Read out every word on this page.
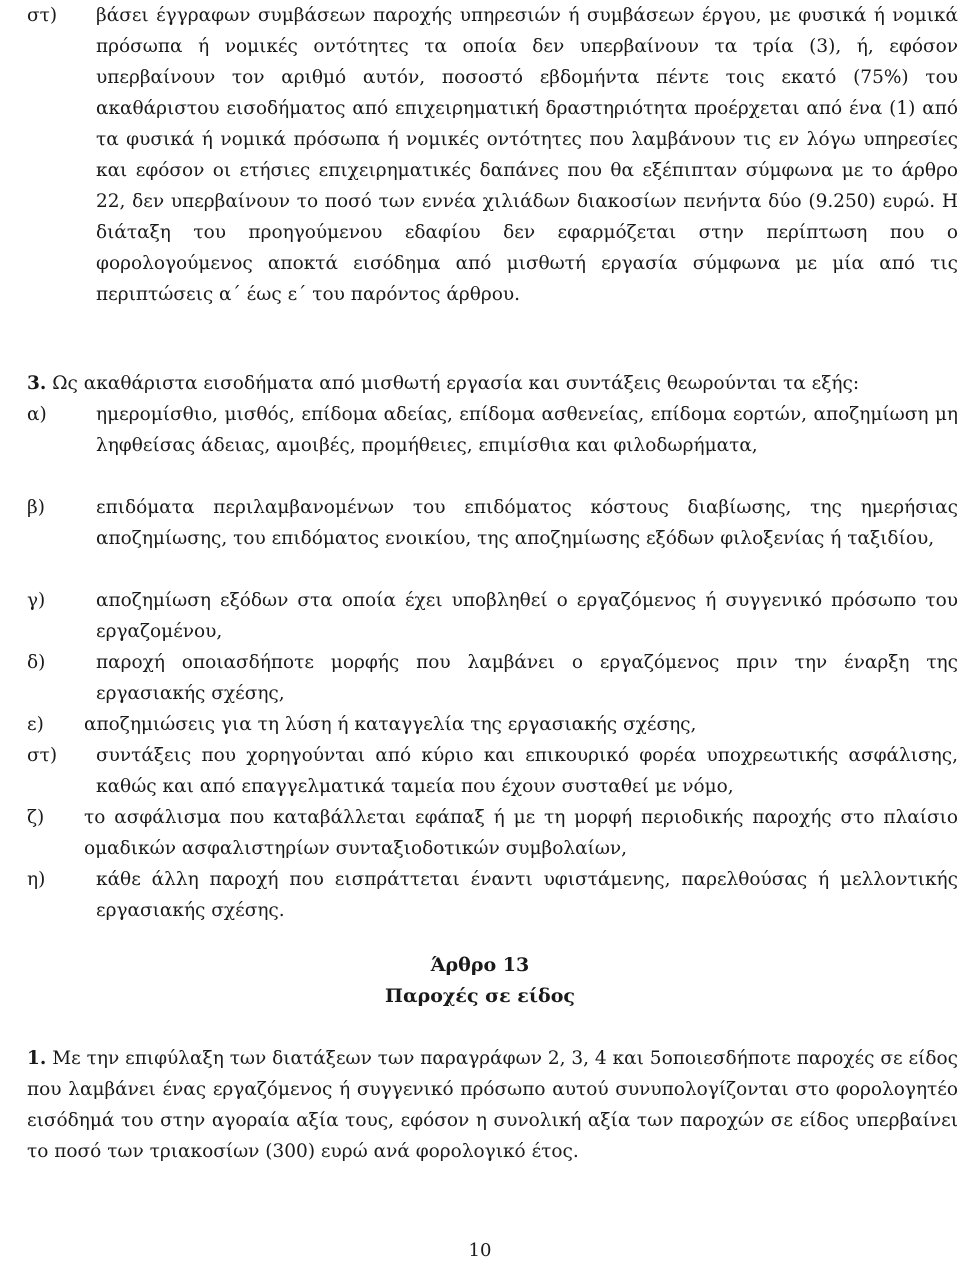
στ) βάσει έγγραφων συμβάσεων παροχής υπηρεσιών ή συμβάσεων έργου, με φυσικά ή νομικά πρόσωπα ή νομικές οντότητες τα οποία δεν υπερβαίνουν τα τρία (3), ή, εφόσον υπερβαίνουν τον αριθμό αυτόν, ποσοστό εβδομήντα πέντε τοις εκατό (75%) του ακαθάριστου εισοδήματος από επιχειρηματική δραστηριότητα προέρχεται από ένα (1) από τα φυσικά ή νομικά πρόσωπα ή νομικές οντότητες που λαμβάνουν τις εν λόγω υπηρεσίες και εφόσον οι ετήσιες επιχειρηματικές δαπάνες που θα εξέπιπταν σύμφωνα με το άρθρο 22, δεν υπερβαίνουν το ποσό των εννέα χιλιάδων διακοσίων πενήντα δύο (9.250) ευρώ. Η διάταξη του προηγούμενου εδαφίου δεν εφαρμόζεται στην περίπτωση που ο φορολογούμενος αποκτά εισόδημα από μισθωτή εργασία σύμφωνα με μία από τις περιπτώσεις α΄ έως ε΄ του παρόντος άρθρου.
3. Ως ακαθάριστα εισοδήματα από μισθωτή εργασία και συντάξεις θεωρούνται τα εξής:
α)	ημερομίσθιο, μισθός, επίδομα αδείας, επίδομα ασθενείας, επίδομα εορτών, αποζημίωση μη ληφθείσας άδειας, αμοιβές, προμήθειες, επιμίσθια και φιλοδωρήματα,
β)	επιδόματα περιλαμβανομένων του επιδόματος κόστους διαβίωσης, της ημερήσιας αποζημίωσης, του επιδόματος ενοικίου, της αποζημίωσης εξόδων φιλοξενίας ή ταξιδίου,
γ)	αποζημίωση εξόδων στα οποία έχει υποβληθεί ο εργαζόμενος ή συγγενικό πρόσωπο του εργαζομένου,
δ)	παροχή οποιασδήποτε μορφής που λαμβάνει ο εργαζόμενος πριν την έναρξη της εργασιακής σχέσης,
ε) αποζημιώσεις για τη λύση ή καταγγελία της εργασιακής σχέσης,
στ) συντάξεις που χορηγούνται από κύριο και επικουρικό φορέα υποχρεωτικής ασφάλισης, καθώς και από επαγγελματικά ταμεία που έχουν συσταθεί με νόμο,
ζ) το ασφάλισμα που καταβάλλεται εφάπαξ ή με τη μορφή περιοδικής παροχής στο πλαίσιο ομαδικών ασφαλιστηρίων συνταξιοδοτικών συμβολαίων,
η)	κάθε άλλη παροχή που εισπράττεται έναντι υφιστάμενης, παρελθούσας ή μελλοντικής εργασιακής σχέσης.
Άρθρο 13
Παροχές σε είδος
1. Με την επιφύλαξη των διατάξεων των παραγράφων 2, 3, 4 και 5οποιεσδήποτε παροχές σε είδος που λαμβάνει ένας εργαζόμενος ή συγγενικό πρόσωπο αυτού συνυπολογίζονται στο φορολογητέο εισόδημά του στην αγοραία αξία τους, εφόσον η συνολική αξία των παροχών σε είδος υπερβαίνει το ποσό των τριακοσίων (300) ευρώ ανά φορολογικό έτος.
10
